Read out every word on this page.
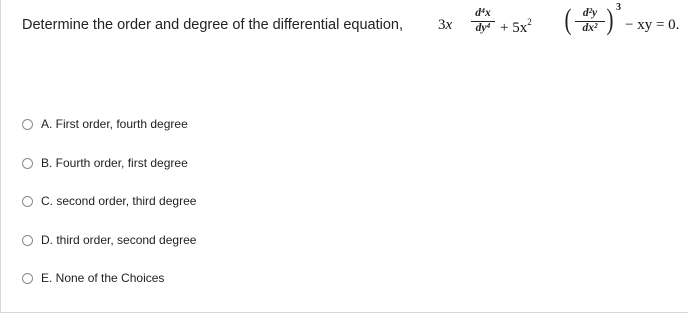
Determine the order and degree of the differential equation, 3x
d⁴x
$dy^4 + 5x^2$ ( d²y
dx² ) 3
− xy = 0.
A. First order, fourth degree
B. Fourth order, first degree
C. second order, third degree
D. third order, second degree
E. None of the Choices
